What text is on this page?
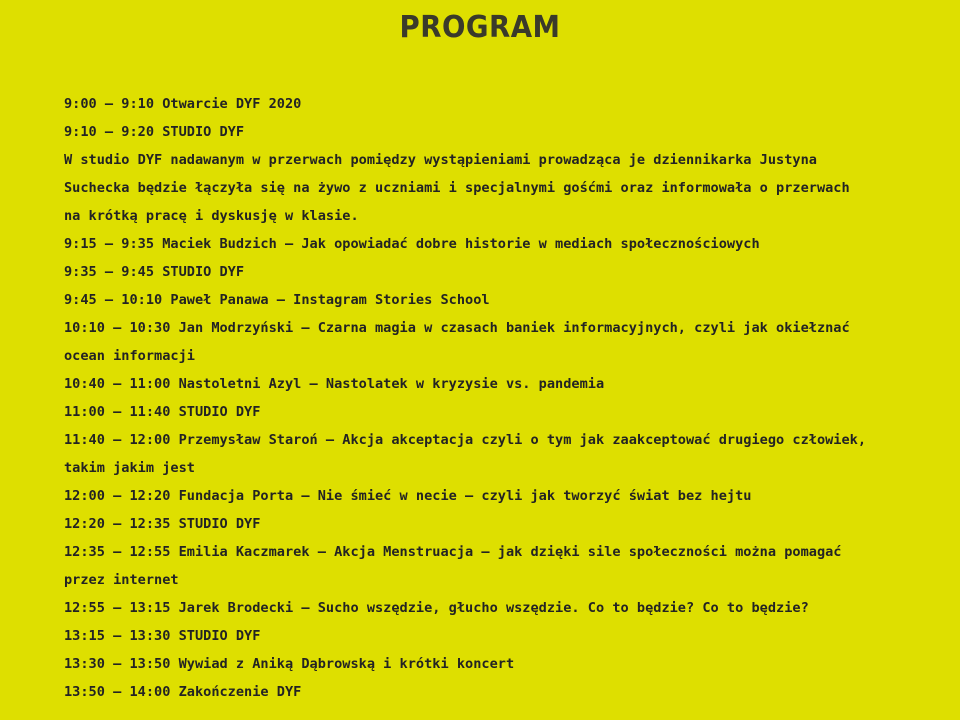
PROGRAM
9:00 – 9:10 Otwarcie DYF 2020
9:10 – 9:20 STUDIO DYF
W studio DYF nadawanym w przerwach pomiędzy wystąpieniami prowadząca je dziennikarka Justyna
Suchecka będzie łączyła się na żywo z uczniami i specjalnymi gośćmi oraz informowała o przerwach
na krótką pracę i dyskusję w klasie.
9:15 – 9:35 Maciek Budzich – Jak opowiadać dobre historie w mediach społecznościowych
9:35 – 9:45 STUDIO DYF
9:45 – 10:10 Paweł Panawa – Instagram Stories School
10:10 – 10:30 Jan Modrzyński – Czarna magia w czasach baniek informacyjnych, czyli jak okiełznać
ocean informacji
10:40 – 11:00 Nastoletni Azyl – Nastolatek w kryzysie vs. pandemia
11:00 – 11:40 STUDIO DYF
11:40 – 12:00 Przemysław Staroń – Akcja akceptacja czyli o tym jak zaakceptować drugiego człowiek,
takim jakim jest
12:00 – 12:20 Fundacja Porta – Nie śmieć w necie – czyli jak tworzyć świat bez hejtu
12:20 – 12:35 STUDIO DYF
12:35 – 12:55 Emilia Kaczmarek – Akcja Menstruacja – jak dzięki sile społeczności można pomagać
przez internet
12:55 – 13:15 Jarek Brodecki – Sucho wszędzie, głucho wszędzie. Co to będzie? Co to będzie?
13:15 – 13:30 STUDIO DYF
13:30 – 13:50 Wywiad z Aniką Dąbrowską i krótki koncert
13:50 – 14:00 Zakończenie DYF
